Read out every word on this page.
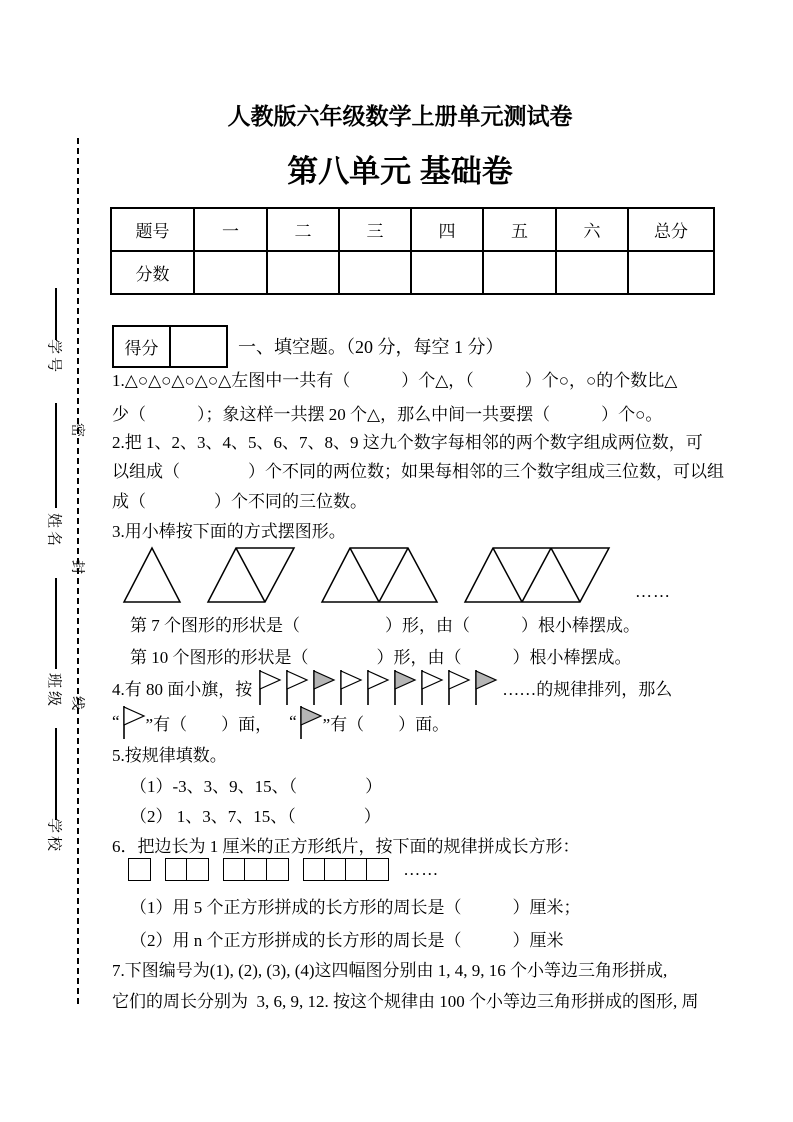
密
封
线
学号
姓名
班级
学校
人教版六年级数学上册单元测试卷
第八单元 基础卷
题号	一	二	三	四	五	六	总分
分数							
得分	一、填空题。（20 分，每空 1 分）
1.△○△○△○△○△左图中一共有（　　　）个△，（　　　）个○，○的个数比△
少（　　　）；象这样一共摆 20 个△，那么中间一共要摆（　　　）个○。
2.把 1、2、3、4、5、6、7、8、9 这九个数字每相邻的两个数字组成两位数，可
以组成（　　　　）个不同的两位数；如果每相邻的三个数字组成三位数，可以组
成（　　　　）个不同的三位数。
3.用小棒按下面的方式摆图形。
……
第 7 个图形的形状是（　　　　　）形，由（　　　）根小棒摆成。
第 10 个图形的形状是（　　　　）形，由（　　　）根小棒摆成。
4.有 80 面小旗，按	……的规律排列，那么
“ ”有（　　）面，
　 “ ”有（　　）面。
5.按规律填数。
（1）-3、3、9、15、（　　　　）
（2） 1、3、7、15、（　　　　）
6．把边长为 1 厘米的正方形纸片，按下面的规律拼成长方形：
……
（1）用 5 个正方形拼成的长方形的周长是（　　　）厘米；
（2）用 n 个正方形拼成的长方形的周长是（　　　）厘米
7.下图编号为(1), (2), (3), (4)这四幅图分别由 1, 4, 9, 16 个小等边三角形拼成,
它们的周长分别为  3, 6, 9, 12. 按这个规律由 100 个小等边三角形拼成的图形, 周
